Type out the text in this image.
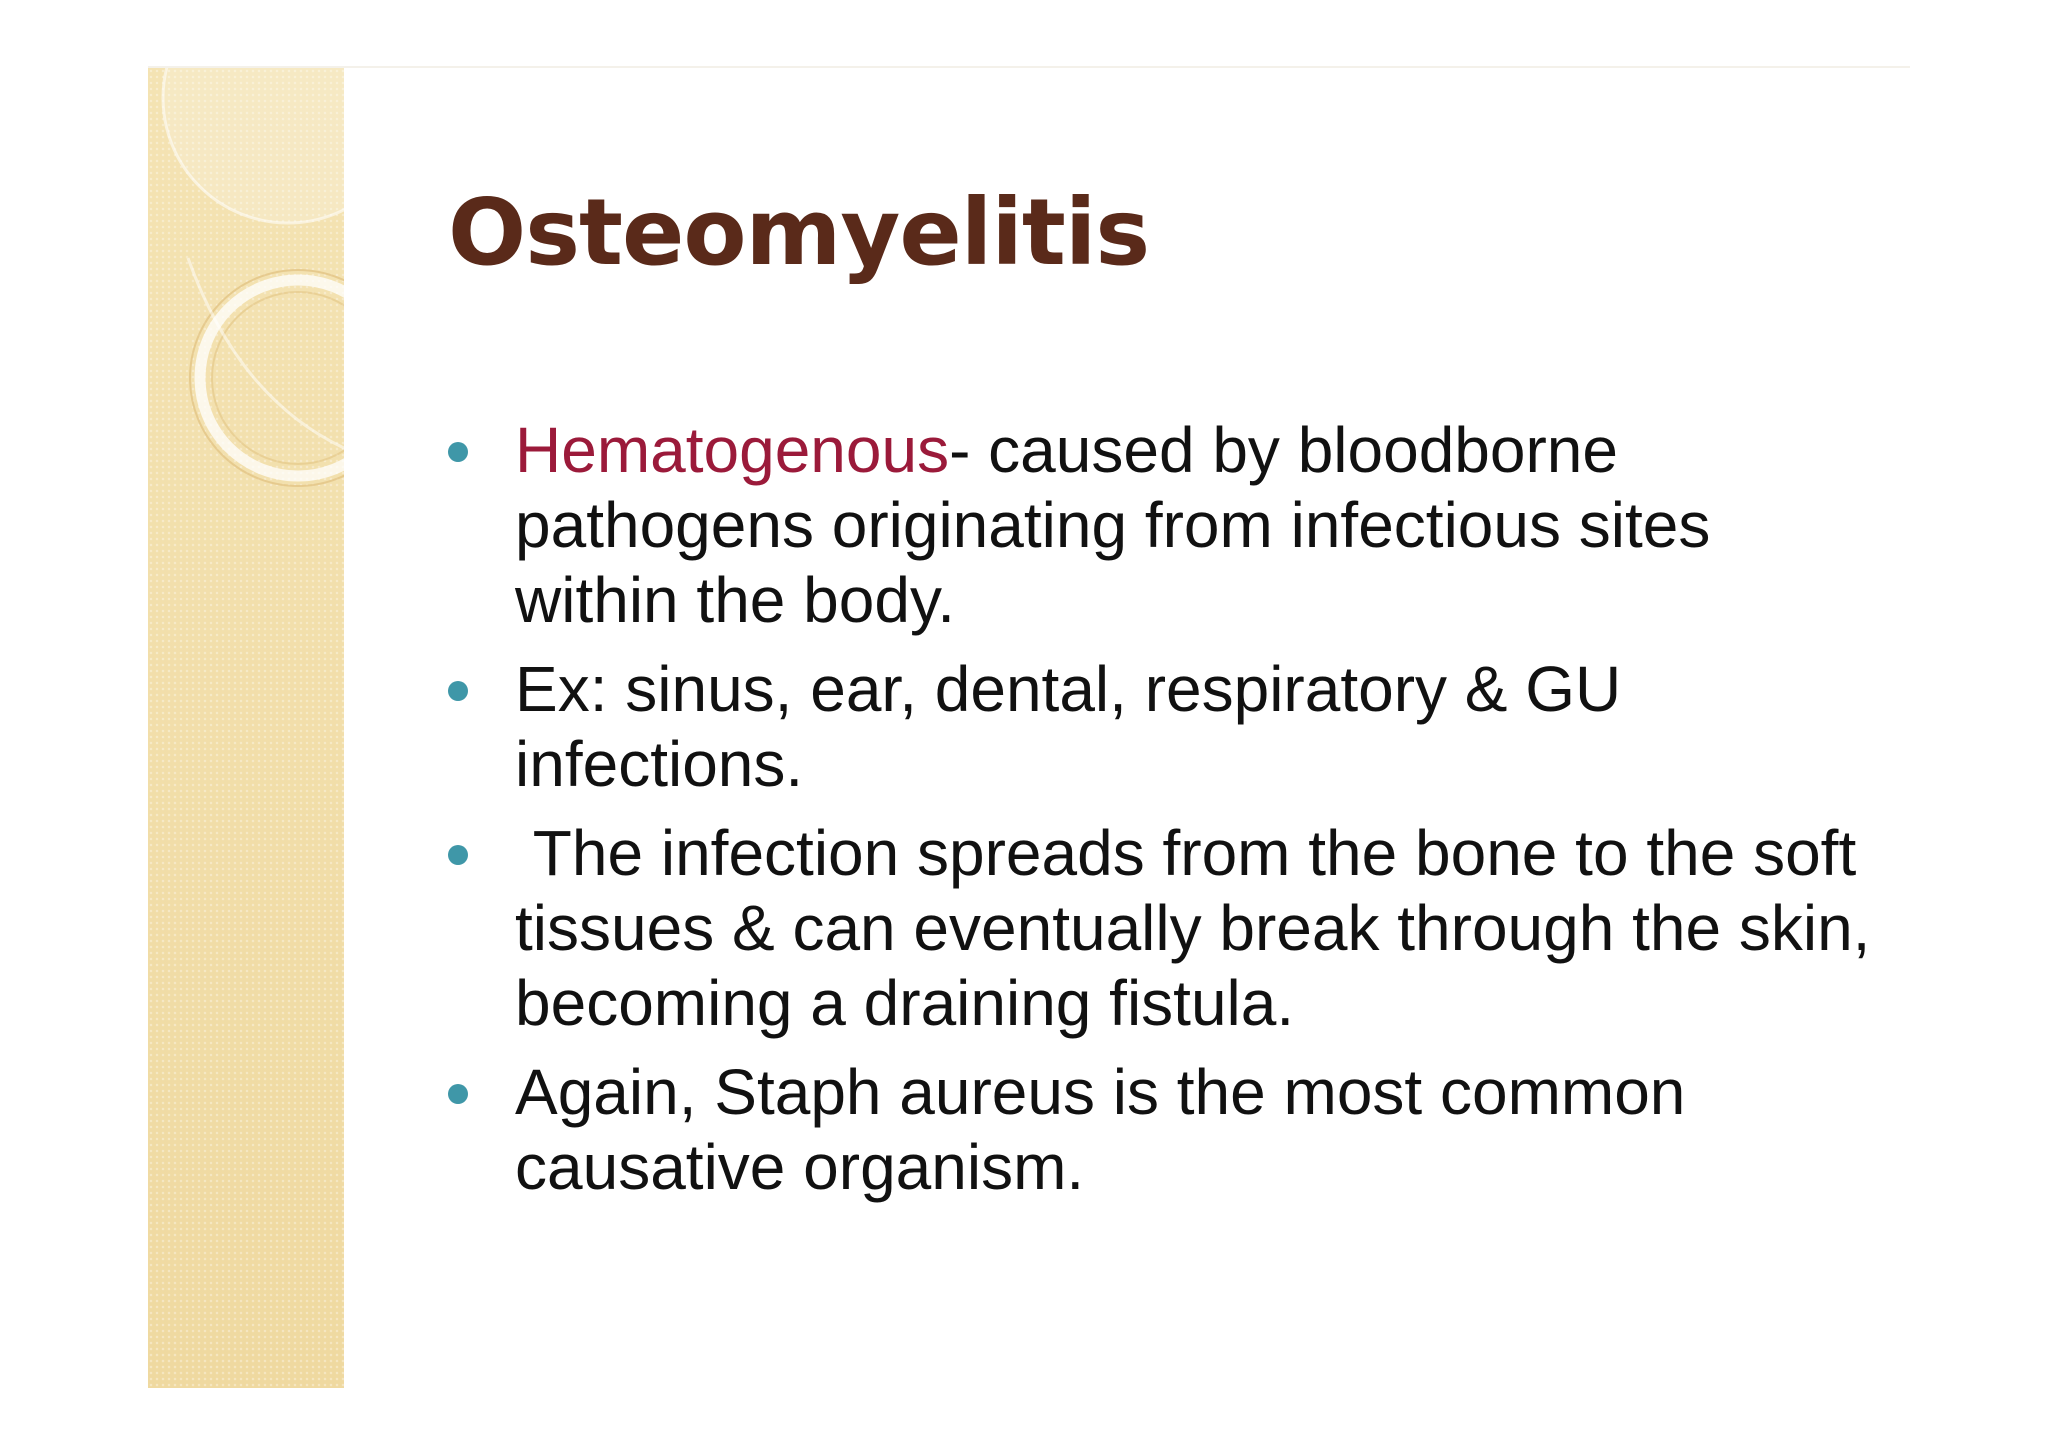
Osteomyelitis
Hematogenous- caused by bloodborne pathogens originating from infectious sites within the body.
Ex: sinus, ear, dental, respiratory & GU infections.
The infection spreads from the bone to the soft tissues & can eventually break through the skin, becoming a draining fistula.
Again, Staph aureus is the most common causative organism.
